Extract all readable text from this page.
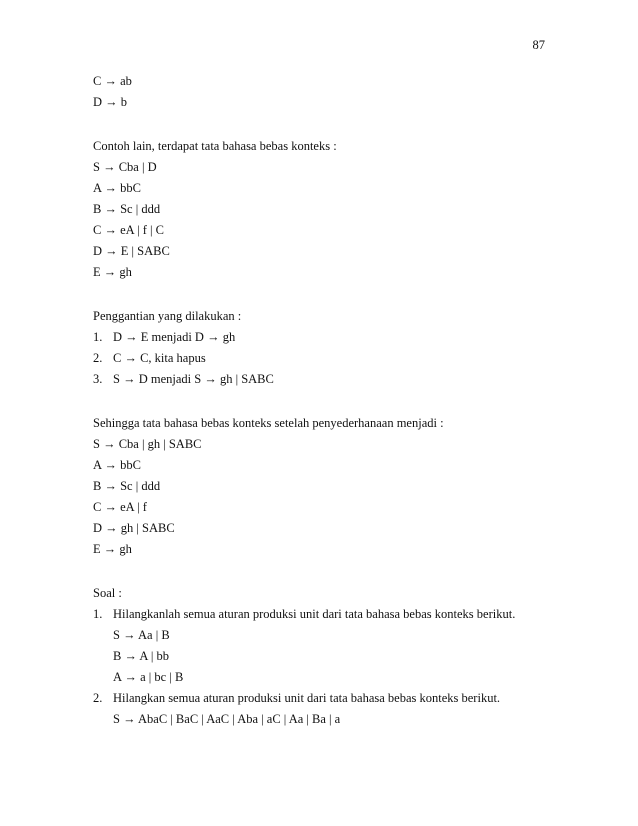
87
C → ab
D → b
Contoh lain, terdapat tata bahasa bebas konteks :
S → Cba | D
A → bbC
B → Sc | ddd
C → eA | f | C
D → E | SABC
E → gh
Penggantian yang dilakukan :
1. D → E menjadi D → gh
2. C → C, kita hapus
3. S → D menjadi S → gh | SABC
Sehingga tata bahasa bebas konteks setelah penyederhanaan menjadi :
S → Cba | gh | SABC
A → bbC
B → Sc | ddd
C → eA | f
D → gh | SABC
E → gh
Soal :
1. Hilangkanlah semua aturan produksi unit dari tata bahasa bebas konteks berikut.
S → Aa | B
B → A | bb
A → a | bc | B
2. Hilangkan semua aturan produksi unit dari tata bahasa bebas konteks berikut.
S → AbaC | BaC | AaC | Aba | aC | Aa | Ba | a
